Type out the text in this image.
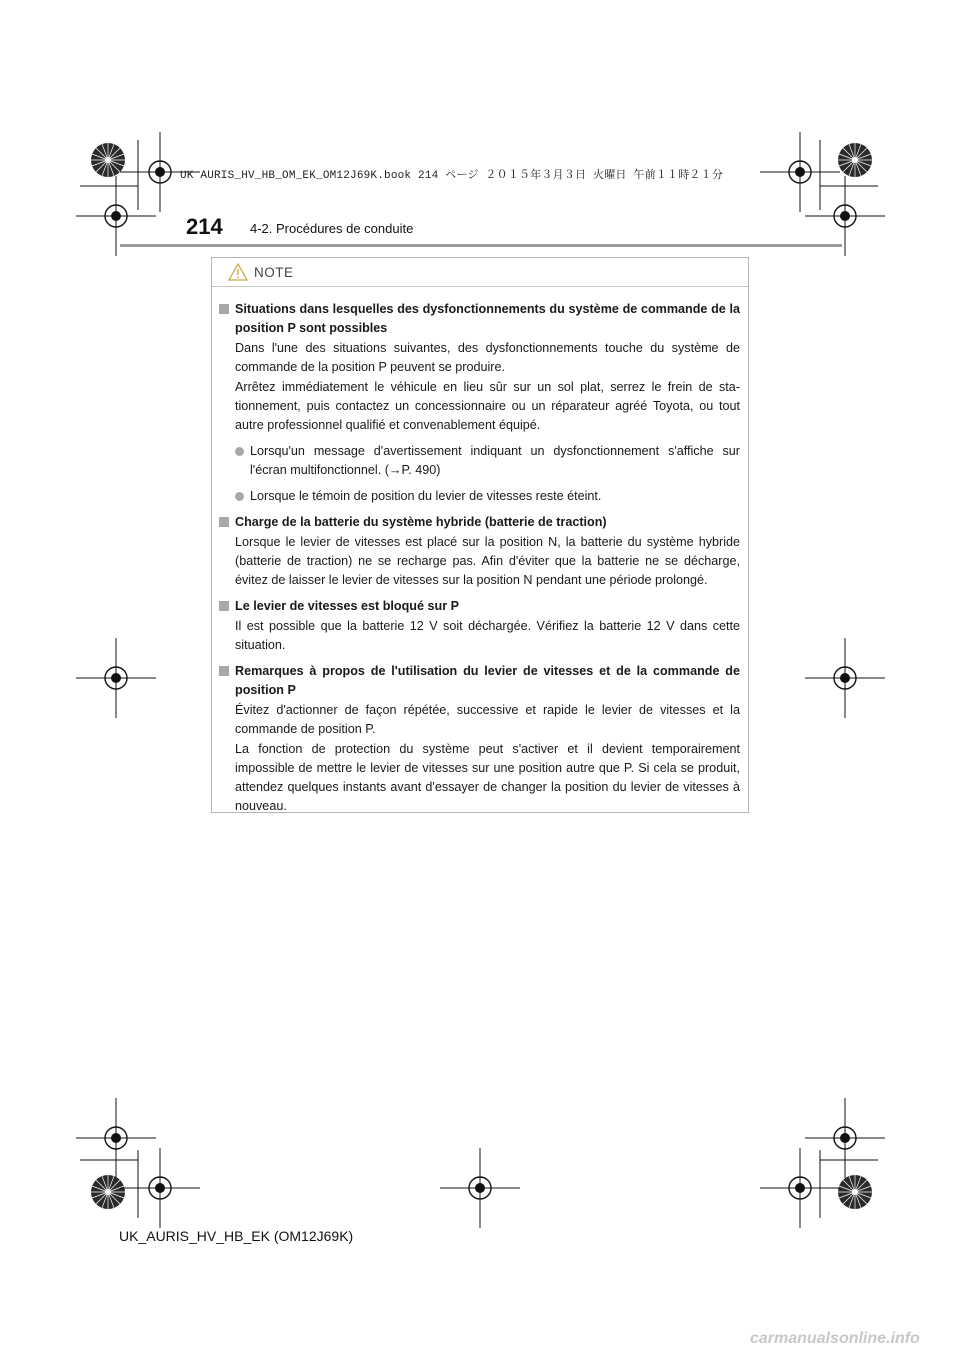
UK AURIS_HV_HB_OM_EK_OM12J69K.book 214 ページ ２０１５年３月３日 火曜日 午前１１時２１分
214 4-2. Procédures de conduite
NOTE
Situations dans lesquelles des dysfonctionnements du système de commande de la position P sont possibles
Dans l'une des situations suivantes, des dysfonctionnements touche du système de commande de la position P peuvent se produire.
Arrêtez immédiatement le véhicule en lieu sûr sur un sol plat, serrez le frein de sta-tionnement, puis contactez un concessionnaire ou un réparateur agréé Toyota, ou tout autre professionnel qualifié et convenablement équipé.
Lorsqu'un message d'avertissement indiquant un dysfonctionnement s'affiche sur l'écran multifonctionnel. (→P. 490)
Lorsque le témoin de position du levier de vitesses reste éteint.
Charge de la batterie du système hybride (batterie de traction)
Lorsque le levier de vitesses est placé sur la position N, la batterie du système hybride (batterie de traction) ne se recharge pas. Afin d'éviter que la batterie ne se décharge, évitez de laisser le levier de vitesses sur la position N pendant une période prolongé.
Le levier de vitesses est bloqué sur P
Il est possible que la batterie 12 V soit déchargée. Vérifiez la batterie 12 V dans cette situation.
Remarques à propos de l'utilisation du levier de vitesses et de la commande de position P
Évitez d'actionner de façon répétée, successive et rapide le levier de vitesses et la commande de position P.
La fonction de protection du système peut s'activer et il devient temporairement impossible de mettre le levier de vitesses sur une position autre que P. Si cela se produit, attendez quelques instants avant d'essayer de changer la position du levier de vitesses à nouveau.
UK_AURIS_HV_HB_EK (OM12J69K)
carmanualsonline.info
